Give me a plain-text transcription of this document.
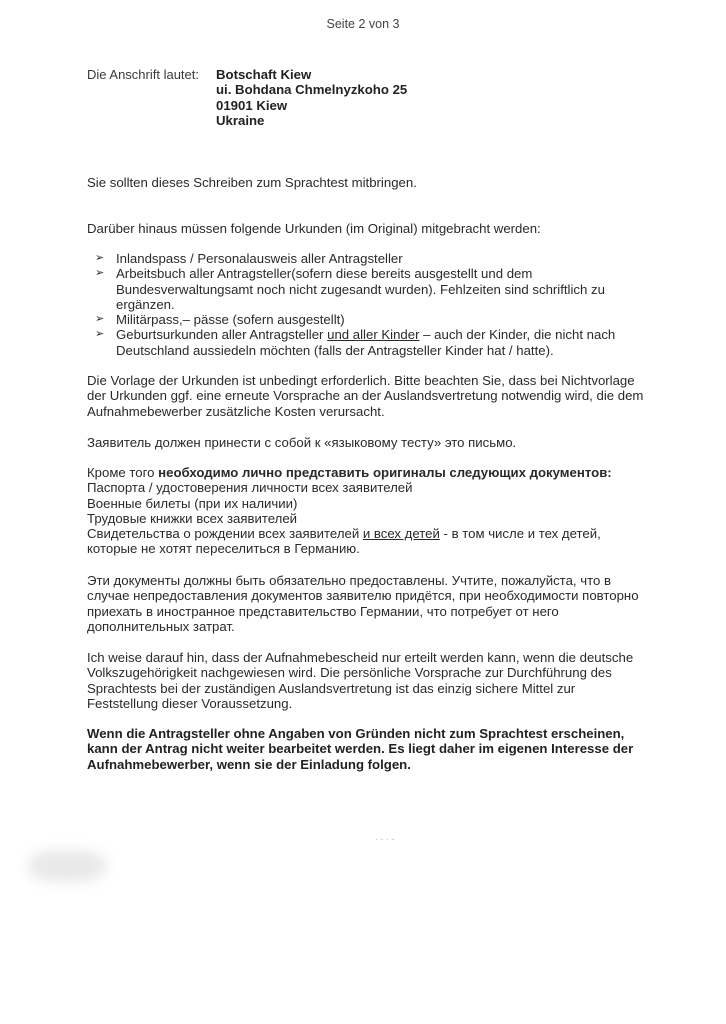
Seite 2 von 3
Die Anschrift lautet: Botschaft Kiew
ui. Bohdana Chmelnyzkoho 25
01901 Kiew
Ukraine
Sie sollten dieses Schreiben zum Sprachtest mitbringen.
Darüber hinaus müssen folgende Urkunden (im Original) mitgebracht werden:
➢ Inlandspass / Personalausweis aller Antragsteller
➢ Arbeitsbuch aller Antragsteller(sofern diese bereits ausgestellt und dem Bundesverwaltungsamt noch nicht zugesandt wurden). Fehlzeiten sind schriftlich zu ergänzen.
➢ Militärpass,– pässe (sofern ausgestellt)
➢ Geburtsurkunden aller Antragsteller und aller Kinder – auch der Kinder, die nicht nach Deutschland aussiedeln möchten (falls der Antragsteller Kinder hat / hatte).
Die Vorlage der Urkunden ist unbedingt erforderlich. Bitte beachten Sie, dass bei Nichtvorlage der Urkunden ggf. eine erneute Vorsprache an der Auslandsvertretung notwendig wird, die dem Aufnahmebewerber zusätzliche Kosten verursacht.
Заявитель должен принести с собой к «языковому тесту» это письмо.
Кроме того необходимо лично представить оригиналы следующих документов:
Паспорта / удостоверения личности всех заявителей
Военные билеты (при их наличии)
Трудовые книжки всех заявителей
Свидетельства о рождении всех заявителей и всех детей - в том числе и тех детей, которые не хотят переселиться в Германию.
Эти документы должны быть обязательно предоставлены. Учтите, пожалуйста, что в случае непредоставления документов заявителю придётся, при необходимости повторно приехать в иностранное представительство Германии, что потребует от него дополнительных затрат.
Ich weise darauf hin, dass der Aufnahmebescheid nur erteilt werden kann, wenn die deutsche Volkszugehörigkeit nachgewiesen wird. Die persönliche Vorsprache zur Durchführung des Sprachtests bei der zuständigen Auslandsvertretung ist das einzig sichere Mittel zur Feststellung dieser Voraussetzung.
Wenn die Antragsteller ohne Angaben von Gründen nicht zum Sprachtest erscheinen, kann der Antrag nicht weiter bearbeitet werden. Es liegt daher im eigenen Interesse der Aufnahmebewerber, wenn sie der Einladung folgen.
· ‐ · ‑
